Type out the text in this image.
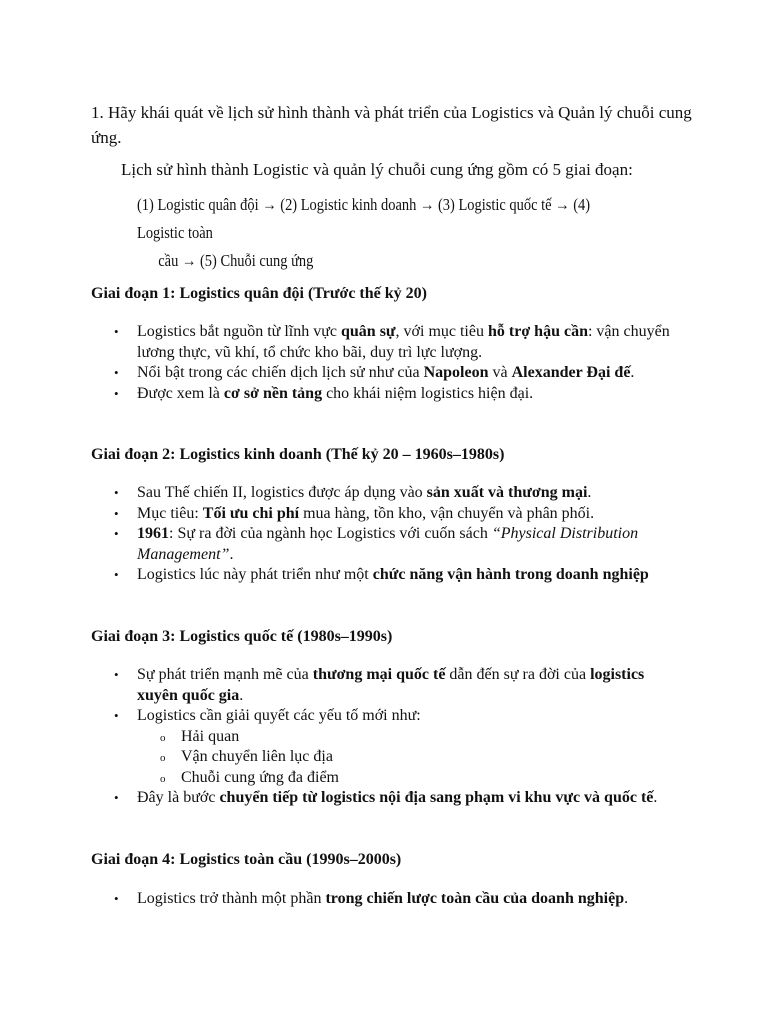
1. Hãy khái quát về lịch sử hình thành và phát triển của Logistics và Quản lý chuỗi cung ứng.
Lịch sử hình thành Logistic và quản lý chuỗi cung ứng gồm có 5 giai đoạn:
(1) Logistic quân đội → (2) Logistic kinh doanh → (3) Logistic quốc tế → (4) Logistic toàn
cầu → (5) Chuỗi cung ứng
Giai đoạn 1: Logistics quân đội (Trước thế kỷ 20)
• Logistics bắt nguồn từ lĩnh vực quân sự, với mục tiêu hỗ trợ hậu cần: vận chuyển lương thực, vũ khí, tổ chức kho bãi, duy trì lực lượng.
• Nổi bật trong các chiến dịch lịch sử như của Napoleon và Alexander Đại đế.
• Được xem là cơ sở nền tảng cho khái niệm logistics hiện đại.
Giai đoạn 2: Logistics kinh doanh (Thế kỷ 20 – 1960s–1980s)
• Sau Thế chiến II, logistics được áp dụng vào sản xuất và thương mại.
• Mục tiêu: Tối ưu chi phí mua hàng, tồn kho, vận chuyển và phân phối.
• 1961: Sự ra đời của ngành học Logistics với cuốn sách “Physical Distribution Management”.
• Logistics lúc này phát triển như một chức năng vận hành trong doanh nghiệp
Giai đoạn 3: Logistics quốc tế (1980s–1990s)
• Sự phát triển mạnh mẽ của thương mại quốc tế dẫn đến sự ra đời của logistics xuyên quốc gia.
• Logistics cần giải quyết các yếu tố mới như:
o Hải quan
o Vận chuyển liên lục địa
o Chuỗi cung ứng đa điểm
• Đây là bước chuyển tiếp từ logistics nội địa sang phạm vi khu vực và quốc tế.
Giai đoạn 4: Logistics toàn cầu (1990s–2000s)
• Logistics trở thành một phần trong chiến lược toàn cầu của doanh nghiệp.
